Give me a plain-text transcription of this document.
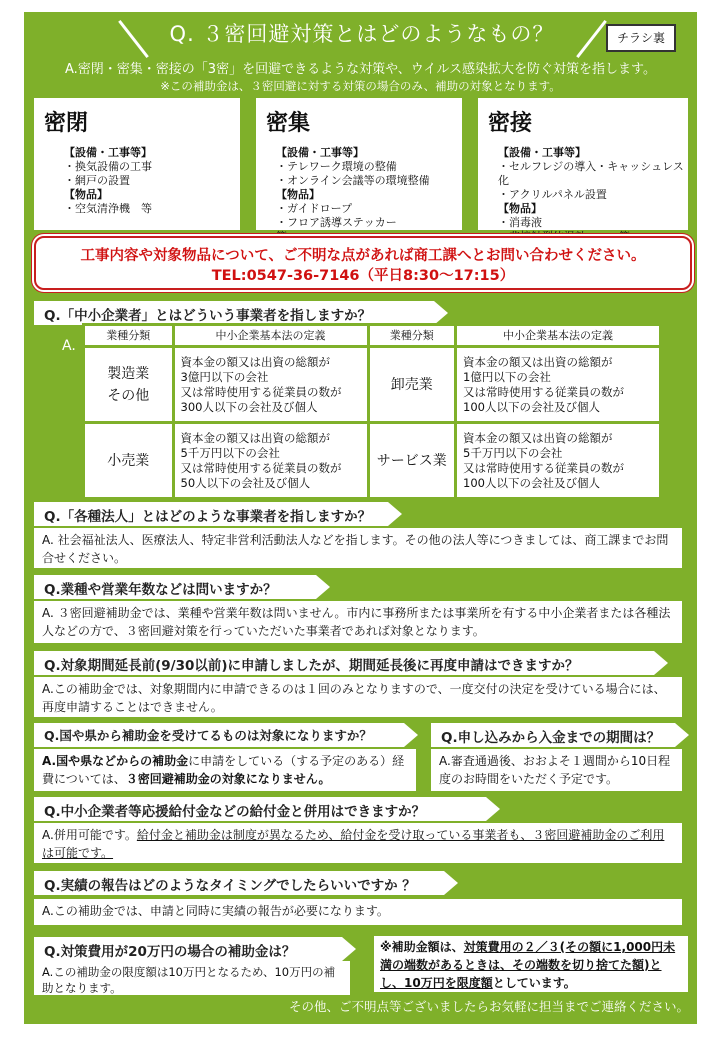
Q. ３密回避対策とはどのようなもの？	チラシ裏
A.密閉・密集・密接の「3密」を回避できるような対策や、ウイルス感染拡大を防ぐ対策を指します。
※この補助金は、３密回避に対する対策の場合のみ、補助の対象となります。
密閉
【設備・工事等】
・換気設備の工事
・網戸の設置
【物品】
・空気清浄機　等
密集
【設備・工事等】
・テレワーク環境の整備
・オンライン会議等の環境整備
【物品】
・ガイドロープ
・フロア誘導ステッカー　　　　　
密接
【設備・工事等】
・セルフレジの導入・キャッシュレス化
・アクリルパネル設置
【物品】
・消毒液
工事内容や対象物品について、ご不明な点があれば商工課へとお問い合わせください。
TEL:0547-36-7146（平日8:30～17:15）
Q.「中小企業者」とはどういう事業者を指しますか？
A.
業種分類	中小企業基本法の定義	業種分類	中小企業基本法の定義
製造業
その他	資本金の額又は出資の総額が
3億円以下の会社
又は常時使用する従業員の数が
300人以下の会社及び個人	卸売業	資本金の額又は出資の総額が
1億円以下の会社
又は常時使用する従業員の数が
100人以下の会社及び個人
小売業	資本金の額又は出資の総額が
5千万円以下の会社
又は常時使用する従業員の数が
50人以下の会社及び個人	サービス業	資本金の額又は出資の総額が
5千万円以下の会社
又は常時使用する従業員の数が
100人以下の会社及び個人
Q.「各種法人」とはどのような事業者を指しますか？
A. 社会福祉法人、医療法人、特定非営利活動法人などを指します。その他の法人等につきましては、商工課までお問合せください。
Q.業種や営業年数などは問いますか？
A. ３密回避補助金では、業種や営業年数は問いません。市内に事務所または事業所を有する中小企業者または各種法人などの方で、３密回避対策を行っていただいた事業者であれば対象となります。
Q.対象期間延長前(9/30以前)に申請しましたが、期間延長後に再度申請はできますか？
A.この補助金では、対象期間内に申請できるのは１回のみとなりますので、一度交付の決定を受けている場合には、再度申請することはできません。
Q.国や県から補助金を受けてるものは対象になりますか？
A.国や県などからの補助金に申請をしている（する予定のある）経費については、３密回避補助金の対象になりません。
Q.申し込みから入金までの期間は？
A.審査通過後、おおよそ１週間から10日程度のお時間をいただく予定です。
Q.中小企業者等応援給付金などの給付金と併用はできますか？
A.併用可能です。給付金と補助金は制度が異なるため、給付金を受け取っている事業者も、３密回避補助金のご利用は可能です。
Q.実績の報告はどのようなタイミングでしたらいいですか ？
A.この補助金では、申請と同時に実績の報告が必要になります。
Q.対策費用が20万円の場合の補助金は？
A.この補助金の限度額は10万円となるため、10万円の補助となります。
※補助金額は、対策費用の２／３(その額に1,000円未満の端数があるときは、その端数を切り捨てた額)とし、10万円を限度額としています。
その他、ご不明点等ございましたらお気軽に担当までご連絡ください。
